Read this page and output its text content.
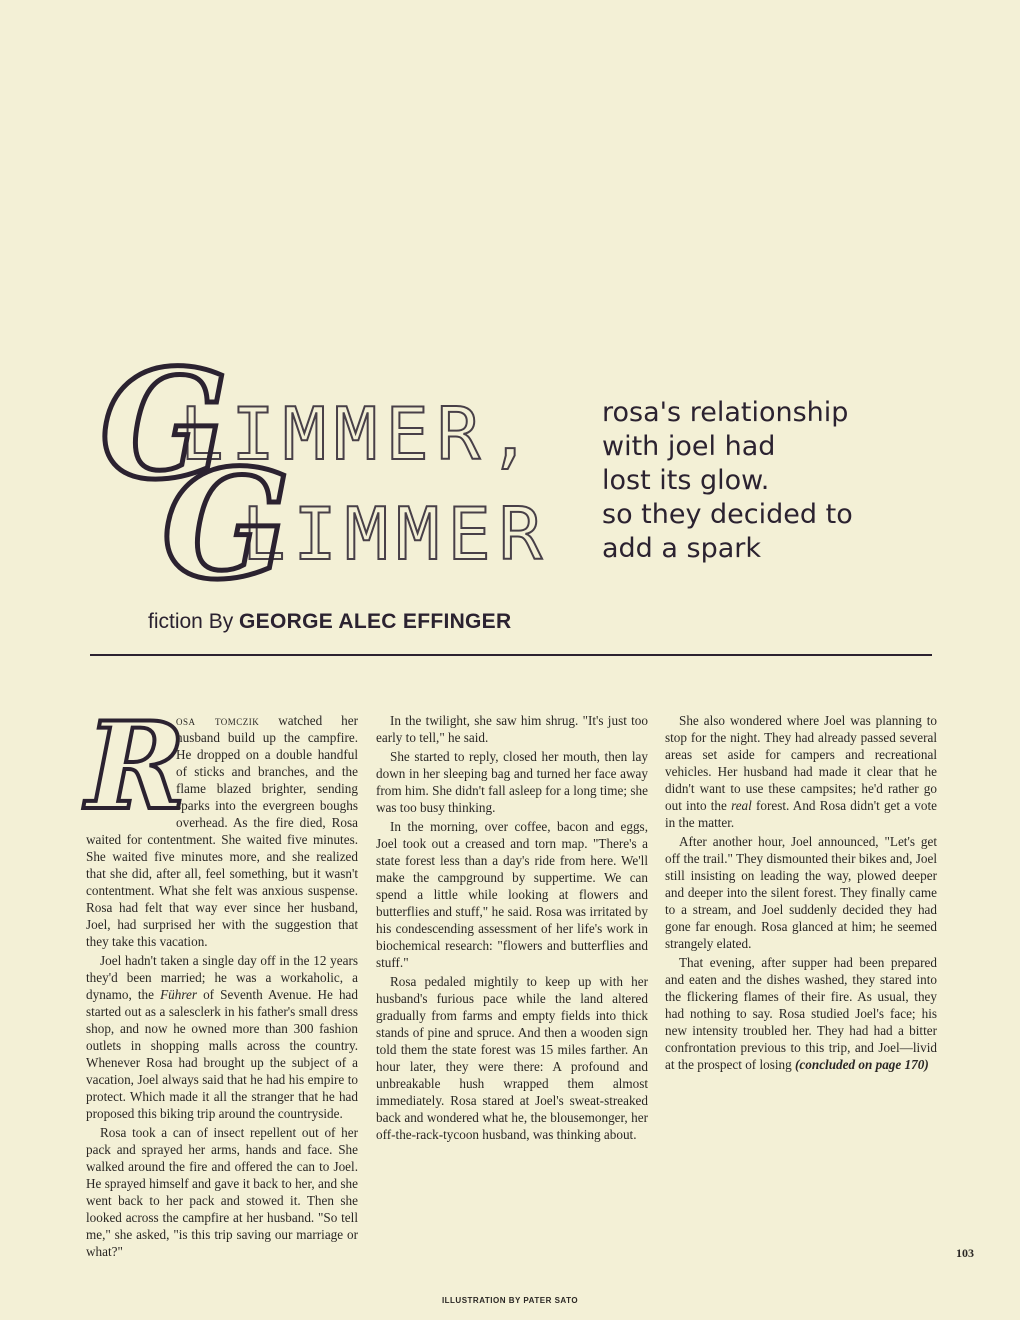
G
LIMMER,
G
LIMMER
rosa's relationship
with joel had
lost its glow.
so they decided to
add a spark
fiction By GEORGE ALEC EFFINGER

R
osa tomczik watched her husband build up the campfire. He dropped on a double handful of sticks and branches, and the flame blazed brighter, sending sparks into the evergreen boughs overhead. As the fire died, Rosa waited for contentment. She waited five minutes. She waited five minutes more, and she realized that she did, after all, feel something, but it wasn't contentment. What she felt was anxious suspense. Rosa had felt that way ever since her husband, Joel, had surprised her with the suggestion that they take this vacation.

Joel hadn't taken a single day off in the 12 years they'd been married; he was a workaholic, a dynamo, the Führer of Seventh Avenue. He had started out as a salesclerk in his father's small dress shop, and now he owned more than 300 fashion outlets in shopping malls across the country. Whenever Rosa had brought up the subject of a vacation, Joel always said that he had his empire to protect. Which made it all the stranger that he had proposed this biking trip around the countryside.

Rosa took a can of insect repellent out of her pack and sprayed her arms, hands and face. She walked around the fire and offered the can to Joel. He sprayed himself and gave it back to her, and she went back to her pack and stowed it. Then she looked across the campfire at her husband. "So tell me," she asked, "is this trip saving our marriage or what?"

In the twilight, she saw him shrug. "It's just too early to tell," he said.

She started to reply, closed her mouth, then lay down in her sleeping bag and turned her face away from him. She didn't fall asleep for a long time; she was too busy thinking.

In the morning, over coffee, bacon and eggs, Joel took out a creased and torn map. "There's a state forest less than a day's ride from here. We'll make the campground by suppertime. We can spend a little while looking at flowers and butterflies and stuff," he said. Rosa was irritated by his condescending assessment of her life's work in biochemical research: "flowers and butterflies and stuff."

Rosa pedaled mightily to keep up with her husband's furious pace while the land altered gradually from farms and empty fields into thick stands of pine and spruce. And then a wooden sign told them the state forest was 15 miles farther. An hour later, they were there: A profound and unbreakable hush wrapped them almost immediately. Rosa stared at Joel's sweat-streaked back and wondered what he, the blousemonger, her off-the-rack-tycoon husband, was thinking about.

She also wondered where Joel was planning to stop for the night. They had already passed several areas set aside for campers and recreational vehicles. Her husband had made it clear that he didn't want to use these campsites; he'd rather go out into the real forest. And Rosa didn't get a vote in the matter.

After another hour, Joel announced, "Let's get off the trail." They dismounted their bikes and, Joel still insisting on leading the way, plowed deeper and deeper into the silent forest. They finally came to a stream, and Joel suddenly decided they had gone far enough. Rosa glanced at him; he seemed strangely elated.

That evening, after supper had been prepared and eaten and the dishes washed, they stared into the flickering flames of their fire. As usual, they had nothing to say. Rosa studied Joel's face; his new intensity troubled her. They had had a bitter confrontation previous to this trip, and Joel—livid at the prospect of losing (concluded on page 170)

103
ILLUSTRATION BY PATER SATO
